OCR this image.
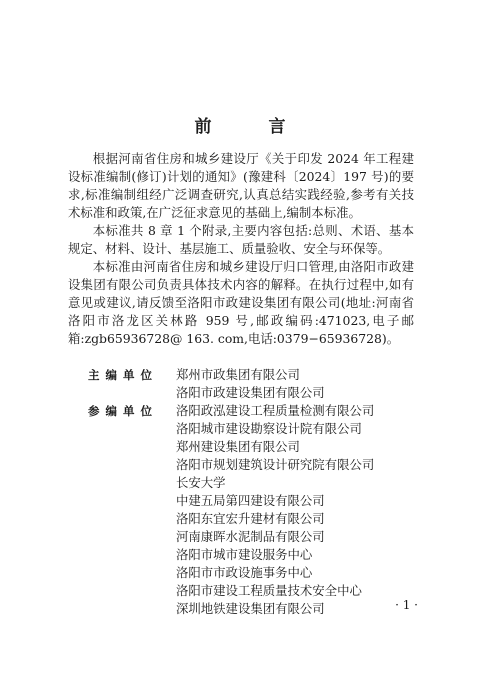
前　言

根据河南省住房和城乡建设厅《关于印发 2024 年工程建设标准编制(修订)计划的通知》(豫建科〔2024〕197 号)的要求,标准编制组经广泛调查研究,认真总结实践经验,参考有关技术标准和政策,在广泛征求意见的基础上,编制本标准。

本标准共 8 章 1 个附录,主要内容包括:总则、术语、基本规定、材料、设计、基层施工、质量验收、安全与环保等。

本标准由河南省住房和城乡建设厅归口管理,由洛阳市政建设集团有限公司负责具体技术内容的解释。在执行过程中,如有意见或建议,请反馈至洛阳市政建设集团有限公司(地址:河南省洛阳市洛龙区关林路 959 号,邮政编码:471023,电子邮箱:zgb65936728@ 163. com,电话:0379−65936728)。

主编单位	郑州市政集团有限公司
洛阳市政建设集团有限公司
参编单位	洛阳政泓建设工程质量检测有限公司
洛阳城市建设勘察设计院有限公司
郑州建设集团有限公司
洛阳市规划建筑设计研究院有限公司
长安大学
中建五局第四建设有限公司
洛阳东宜宏升建材有限公司
河南康晖水泥制品有限公司
洛阳市城市建设服务中心
洛阳市市政设施事务中心
洛阳市建设工程质量技术安全中心
深圳地铁建设集团有限公司	· 1 ·
